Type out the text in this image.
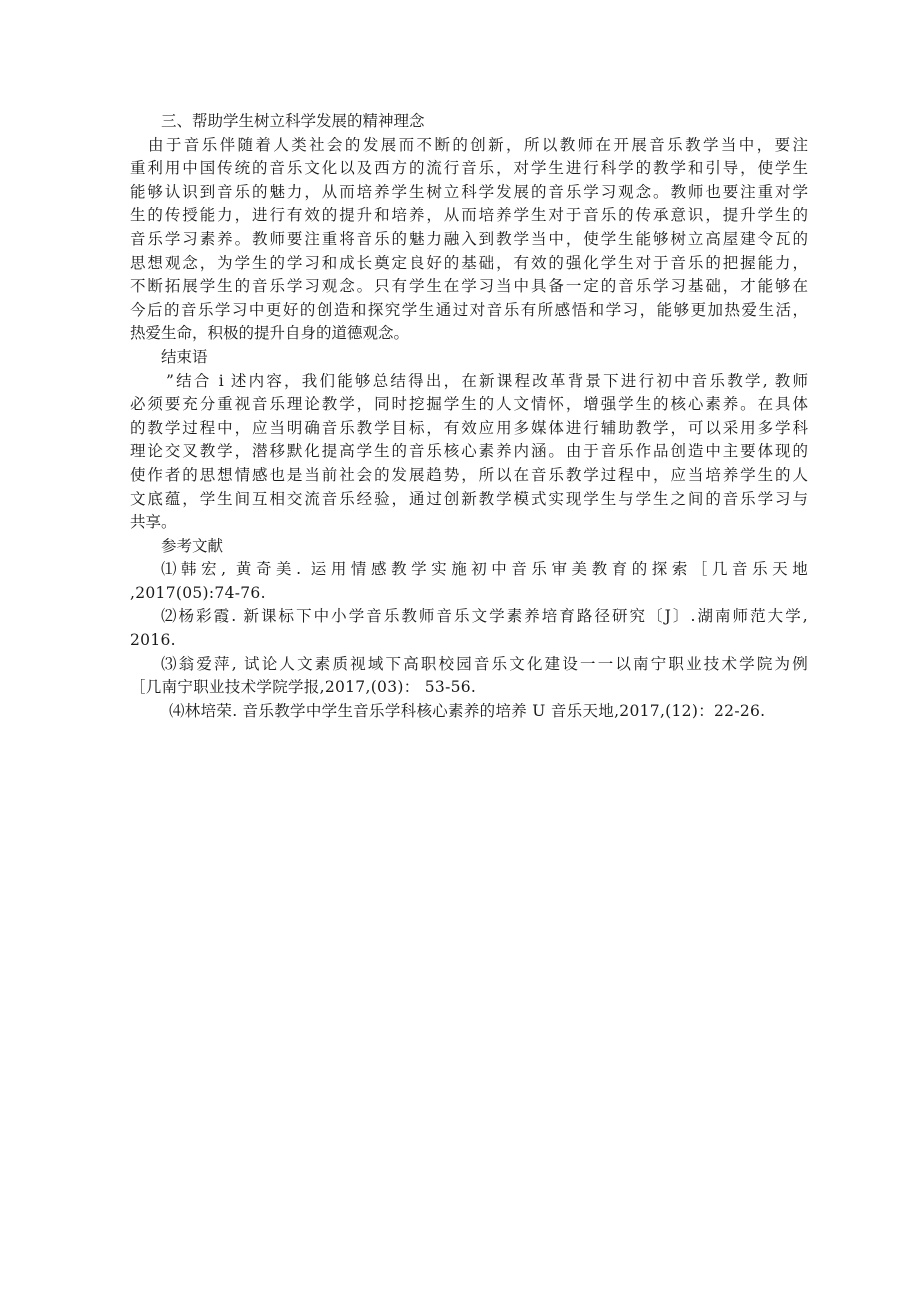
三、帮助学生树立科学发展的精神理念
由于音乐伴随着人类社会的发展而不断的创新，所以教师在开展音乐教学当中，要注
重利用中国传统的音乐文化以及西方的流行音乐，对学生进行科学的教学和引导，使学生
能够认识到音乐的魅力，从而培养学生树立科学发展的音乐学习观念。教师也要注重对学
生的传授能力，进行有效的提升和培养，从而培养学生对于音乐的传承意识，提升学生的
音乐学习素养。教师要注重将音乐的魅力融入到教学当中，使学生能够树立高屋建令瓦的
思想观念，为学生的学习和成长奠定良好的基础，有效的强化学生对于音乐的把握能力，
不断拓展学生的音乐学习观念。只有学生在学习当中具备一定的音乐学习基础，才能够在
今后的音乐学习中更好的创造和探究学生通过对音乐有所感悟和学习，能够更加热爱生活，
热爱生命，积极的提升自身的道德观念。
结束语
”结合 i 述内容，我们能够总结得出，在新课程改革背景下进行初中音乐教学, 教师
必须要充分重视音乐理论教学，同时挖掘学生的人文情怀，增强学生的核心素养。在具体
的教学过程中，应当明确音乐教学目标，有效应用多媒体进行辅助教学，可以采用多学科
理论交叉教学，潜移默化提高学生的音乐核心素养内涵。由于音乐作品创造中主要体现的
使作者的思想情感也是当前社会的发展趋势，所以在音乐教学过程中，应当培养学生的人
文底蕴，学生间互相交流音乐经验，通过创新教学模式实现学生与学生之间的音乐学习与
共享。
参考文献
⑴韩宏, 黄奇美. 运用情感教学实施初中音乐审美教育的探索［几音乐天地
,2017(05):74-76.
⑵杨彩霞. 新课标下中小学音乐教师音乐文学素养培育路径研究〔J〕.湖南师范大学,
2016.
⑶翁爱萍, 试论人文素质视域下高职校园音乐文化建设一一以南宁职业技术学院为例
［几南宁职业技术学院学报,2017,(03)： 53-56.
⑷林培荣. 音乐教学中学生音乐学科核心素养的培养 U 音乐天地,2017,(12)：22-26.
